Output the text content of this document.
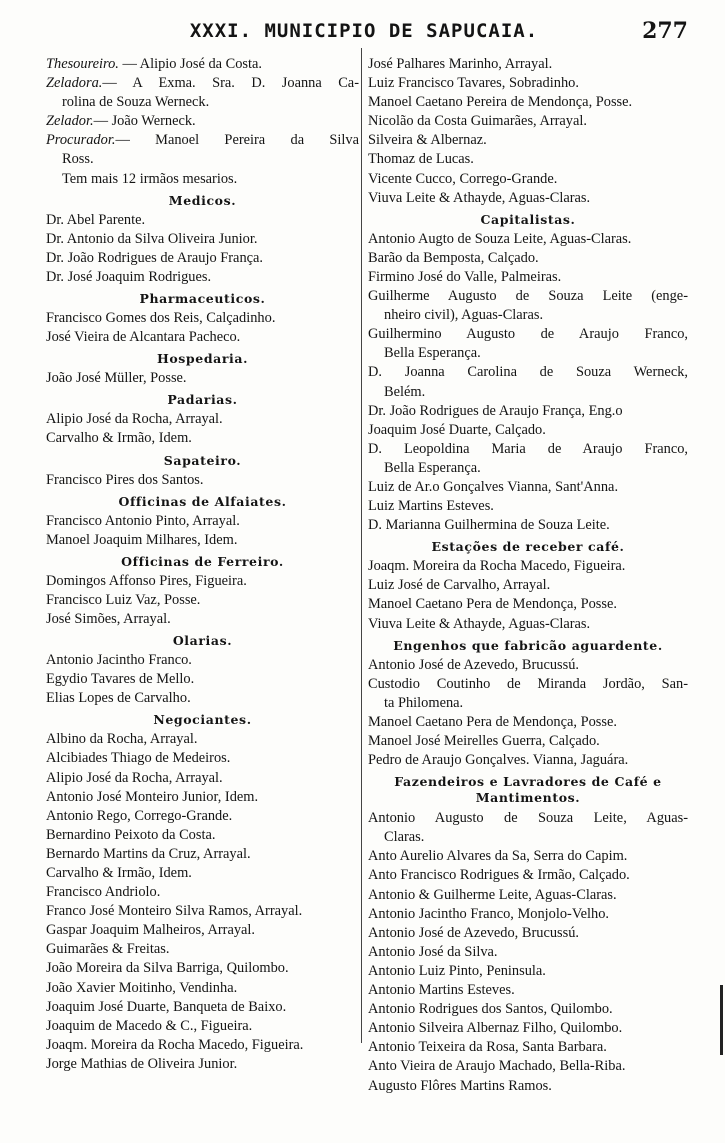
XXXI. MUNICIPIO DE SAPUCAIA.	277
Thesoureiro. — Alipio José da Costa.
Zeladora.— A Exma. Sra. D. Joanna Ca-
rolina de Souza Werneck.
Zelador.— João Werneck.
Procurador.— Manoel Pereira da Silva
Ross.
Tem mais 12 irmãos mesarios.
Medicos.
Dr. Abel Parente.
Dr. Antonio da Silva Oliveira Junior.
Dr. João Rodrigues de Araujo França.
Dr. José Joaquim Rodrigues.
Pharmaceuticos.
Francisco Gomes dos Reis, Calçadinho.
José Vieira de Alcantara Pacheco.
Hospedaria.
João José Müller, Posse.
Padarias.
Alipio José da Rocha, Arrayal.
Carvalho & Irmão, Idem.
Sapateiro.
Francisco Pires dos Santos.
Officinas de Alfaiates.
Francisco Antonio Pinto, Arrayal.
Manoel Joaquim Milhares, Idem.
Officinas de Ferreiro.
Domingos Affonso Pires, Figueira.
Francisco Luiz Vaz, Posse.
José Simões, Arrayal.
Olarias.
Antonio Jacintho Franco.
Egydio Tavares de Mello.
Elias Lopes de Carvalho.
Negociantes.
Albino da Rocha, Arrayal.
Alcibiades Thiago de Medeiros.
Alipio José da Rocha, Arrayal.
Antonio José Monteiro Junior, Idem.
Antonio Rego, Corrego-Grande.
Bernardino Peixoto da Costa.
Bernardo Martins da Cruz, Arrayal.
Carvalho & Irmão, Idem.
Francisco Andriolo.
Franco José Monteiro Silva Ramos, Arrayal.
Gaspar Joaquim Malheiros, Arrayal.
Guimarães & Freitas.
João Moreira da Silva Barriga, Quilombo.
João Xavier Moitinho, Vendinha.
Joaquim José Duarte, Banqueta de Baixo.
Joaquim de Macedo & C., Figueira.
Joaqm. Moreira da Rocha Macedo, Figueira.
Jorge Mathias de Oliveira Junior.
José Palhares Marinho, Arrayal.
Luiz Francisco Tavares, Sobradinho.
Manoel Caetano Pereira de Mendonça, Posse.
Nicolão da Costa Guimarães, Arrayal.
Silveira & Albernaz.
Thomaz de Lucas.
Vicente Cucco, Corrego-Grande.
Viuva Leite & Athayde, Aguas-Claras.
Capitalistas.
Antonio Augto de Souza Leite, Aguas-Claras.
Barão da Bemposta, Calçado.
Firmino José do Valle, Palmeiras.
Guilherme Augusto de Souza Leite (enge-
nheiro civil), Aguas-Claras.
Guilhermino Augusto de Araujo Franco,
Bella Esperança.
D. Joanna Carolina de Souza Werneck,
Belém.
Dr. João Rodrigues de Araujo França, Eng.o
Joaquim José Duarte, Calçado.
D. Leopoldina Maria de Araujo Franco,
Bella Esperança.
Luiz de Ar.o Gonçalves Vianna, Sant'Anna.
Luiz Martins Esteves.
D. Marianna Guilhermina de Souza Leite.
Estações de receber café.
Joaqm. Moreira da Rocha Macedo, Figueira.
Luiz José de Carvalho, Arrayal.
Manoel Caetano Pera de Mendonça, Posse.
Viuva Leite & Athayde, Aguas-Claras.
Engenhos que fabricão aguardente.
Antonio José de Azevedo, Brucussú.
Custodio Coutinho de Miranda Jordão, San-
ta Philomena.
Manoel Caetano Pera de Mendonça, Posse.
Manoel José Meirelles Guerra, Calçado.
Pedro de Araujo Gonçalves. Vianna, Jaguára.
Fazendeiros e Lavradores de Café e
Mantimentos.
Antonio Augusto de Souza Leite, Aguas-
Claras.
Anto Aurelio Alvares da Sa, Serra do Capim.
Anto Francisco Rodrigues & Irmão, Calçado.
Antonio & Guilherme Leite, Aguas-Claras.
Antonio Jacintho Franco, Monjolo-Velho.
Antonio José de Azevedo, Brucussú.
Antonio José da Silva.
Antonio Luiz Pinto, Peninsula.
Antonio Martins Esteves.
Antonio Rodrigues dos Santos, Quilombo.
Antonio Silveira Albernaz Filho, Quilombo.
Antonio Teixeira da Rosa, Santa Barbara.
Anto Vieira de Araujo Machado, Bella-Riba.
Augusto Flôres Martins Ramos.
